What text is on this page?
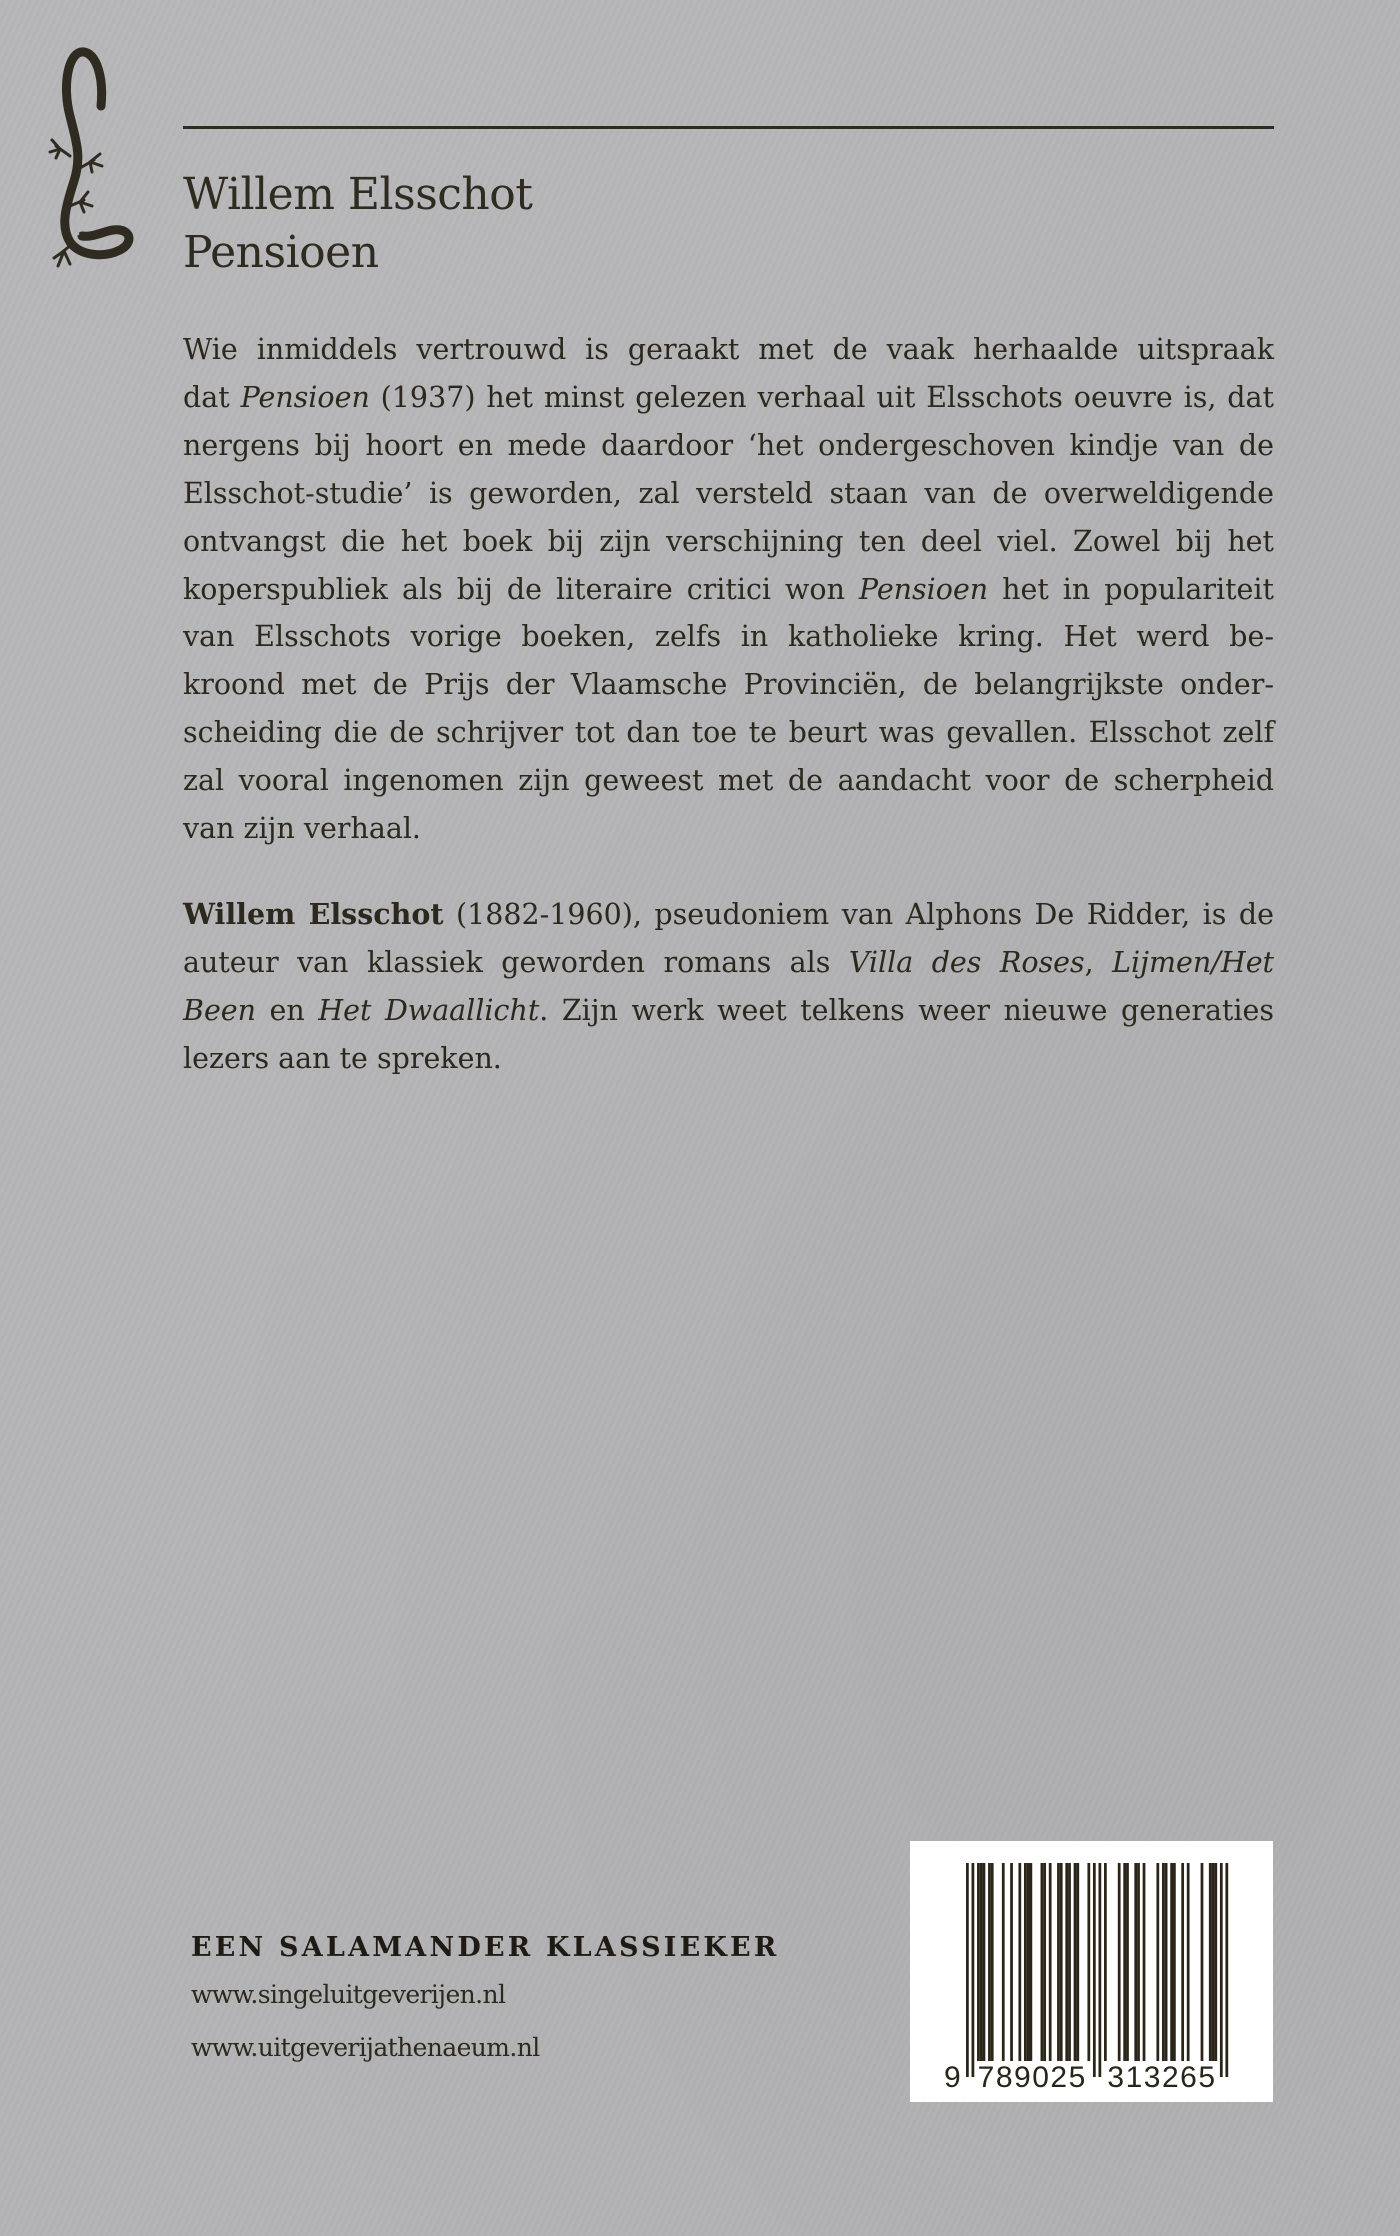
Willem Elsschot
Pensioen
Wie inmiddels vertrouwd is geraakt met de vaak herhaalde uitspraak
dat Pensioen (1937) het minst gelezen verhaal uit Elsschots oeuvre is, dat
nergens bij hoort en mede daardoor ‘het ondergeschoven kindje van de
Elsschot-studie’ is geworden, zal versteld staan van de overweldigende
ontvangst die het boek bij zijn verschijning ten deel viel. Zowel bij het
koperspubliek als bij de literaire critici won Pensioen het in populariteit
van Elsschots vorige boeken, zelfs in katholieke kring. Het werd be-
kroond met de Prijs der Vlaamsche Provinciën, de belangrijkste onder-
scheiding die de schrijver tot dan toe te beurt was gevallen. Elsschot zelf
zal vooral ingenomen zijn geweest met de aandacht voor de scherpheid
van zijn verhaal.
Willem Elsschot (1882-1960), pseudoniem van Alphons De Ridder, is de
auteur van klassiek geworden romans als Villa des Roses, Lijmen/Het
Been en Het Dwaallicht. Zijn werk weet telkens weer nieuwe generaties
lezers aan te spreken.
EEN SALAMANDER KLASSIEKER
www.singeluitgeverijen.nl
www.uitgeverijathenaeum.nl
9 789025 313265
